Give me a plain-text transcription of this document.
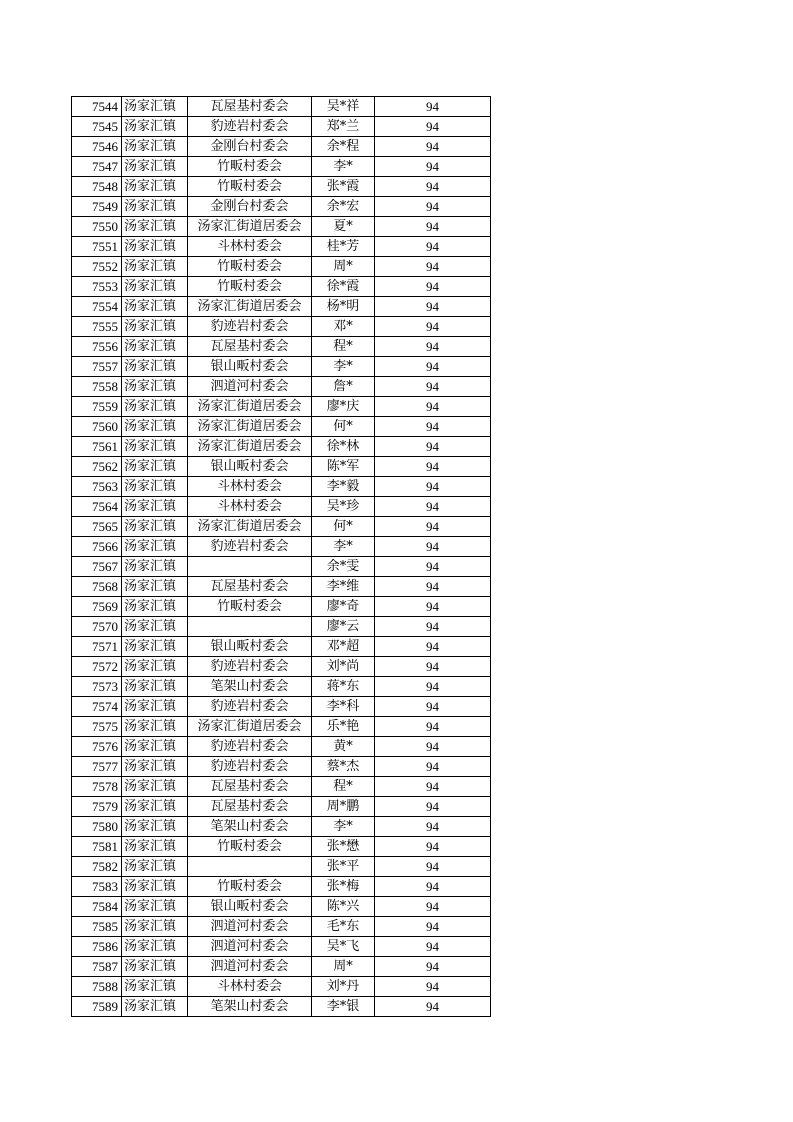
7544	汤家汇镇	瓦屋基村委会	吴*祥	94
7545	汤家汇镇	豹迹岩村委会	郑*兰	94
7546	汤家汇镇	金刚台村委会	余*程	94
7547	汤家汇镇	竹畈村委会	李*	94
7548	汤家汇镇	竹畈村委会	张*霞	94
7549	汤家汇镇	金刚台村委会	余*宏	94
7550	汤家汇镇	汤家汇街道居委会	夏*	94
7551	汤家汇镇	斗林村委会	桂*芳	94
7552	汤家汇镇	竹畈村委会	周*	94
7553	汤家汇镇	竹畈村委会	徐*霞	94
7554	汤家汇镇	汤家汇街道居委会	杨*明	94
7555	汤家汇镇	豹迹岩村委会	邓*	94
7556	汤家汇镇	瓦屋基村委会	程*	94
7557	汤家汇镇	银山畈村委会	李*	94
7558	汤家汇镇	泗道河村委会	詹*	94
7559	汤家汇镇	汤家汇街道居委会	廖*庆	94
7560	汤家汇镇	汤家汇街道居委会	何*	94
7561	汤家汇镇	汤家汇街道居委会	徐*林	94
7562	汤家汇镇	银山畈村委会	陈*军	94
7563	汤家汇镇	斗林村委会	李*毅	94
7564	汤家汇镇	斗林村委会	吴*珍	94
7565	汤家汇镇	汤家汇街道居委会	何*	94
7566	汤家汇镇	豹迹岩村委会	李*	94
7567	汤家汇镇		余*雯	94
7568	汤家汇镇	瓦屋基村委会	李*维	94
7569	汤家汇镇	竹畈村委会	廖*奇	94
7570	汤家汇镇		廖*云	94
7571	汤家汇镇	银山畈村委会	邓*超	94
7572	汤家汇镇	豹迹岩村委会	刘*尚	94
7573	汤家汇镇	笔架山村委会	蒋*东	94
7574	汤家汇镇	豹迹岩村委会	李*科	94
7575	汤家汇镇	汤家汇街道居委会	乐*艳	94
7576	汤家汇镇	豹迹岩村委会	黄*	94
7577	汤家汇镇	豹迹岩村委会	蔡*杰	94
7578	汤家汇镇	瓦屋基村委会	程*	94
7579	汤家汇镇	瓦屋基村委会	周*鹏	94
7580	汤家汇镇	笔架山村委会	李*	94
7581	汤家汇镇	竹畈村委会	张*懋	94
7582	汤家汇镇		张*平	94
7583	汤家汇镇	竹畈村委会	张*梅	94
7584	汤家汇镇	银山畈村委会	陈*兴	94
7585	汤家汇镇	泗道河村委会	毛*东	94
7586	汤家汇镇	泗道河村委会	吴*飞	94
7587	汤家汇镇	泗道河村委会	周*	94
7588	汤家汇镇	斗林村委会	刘*丹	94
7589	汤家汇镇	笔架山村委会	李*银	94
